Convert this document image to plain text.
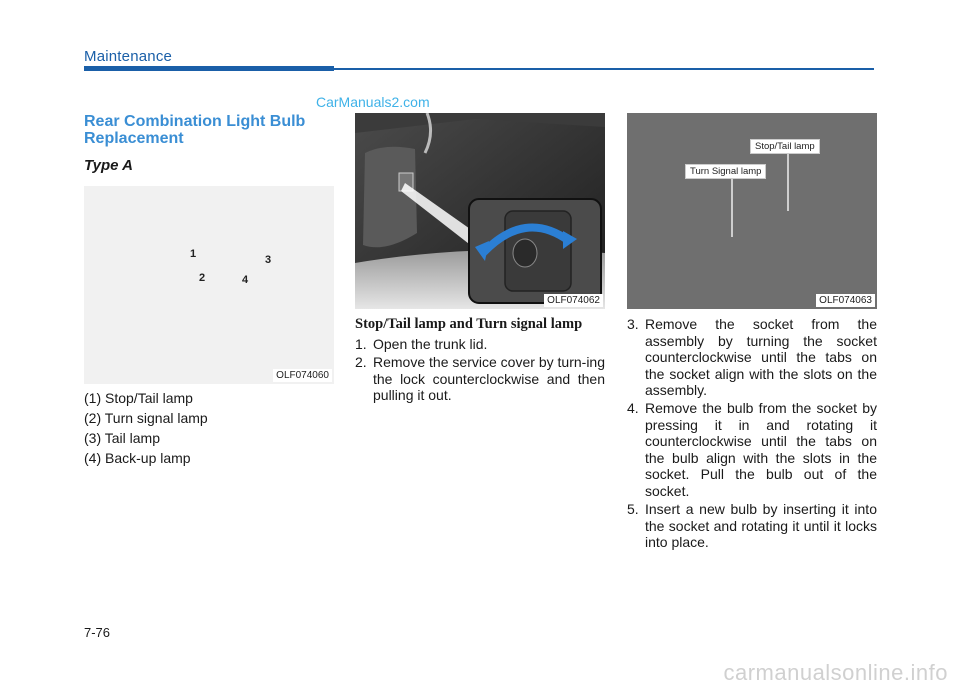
Maintenance
CarManuals2.com
Rear Combination Light Bulb Replacement
Type A
1
2
3
4
OLF074060
(1) Stop/Tail lamp
(2) Turn signal lamp
(3) Tail lamp
(4) Back-up lamp
OLF074062
Stop/Tail lamp and Turn signal lamp
1. Open the trunk lid.
2. Remove the service cover by turn-ing the lock counterclockwise and then pulling it out.
Stop/Tail lamp
Turn Signal lamp
OLF074063
3. Remove the socket from the assembly by turning the socket counterclockwise until the tabs on the socket align with the slots on the assembly.
4. Remove the bulb from the socket by pressing it in and rotating it counterclockwise until the tabs on the bulb align with the slots in the socket. Pull the bulb out of the socket.
5. Insert a new bulb by inserting it into the socket and rotating it until it locks into place.
7-76
carmanualsonline.info
